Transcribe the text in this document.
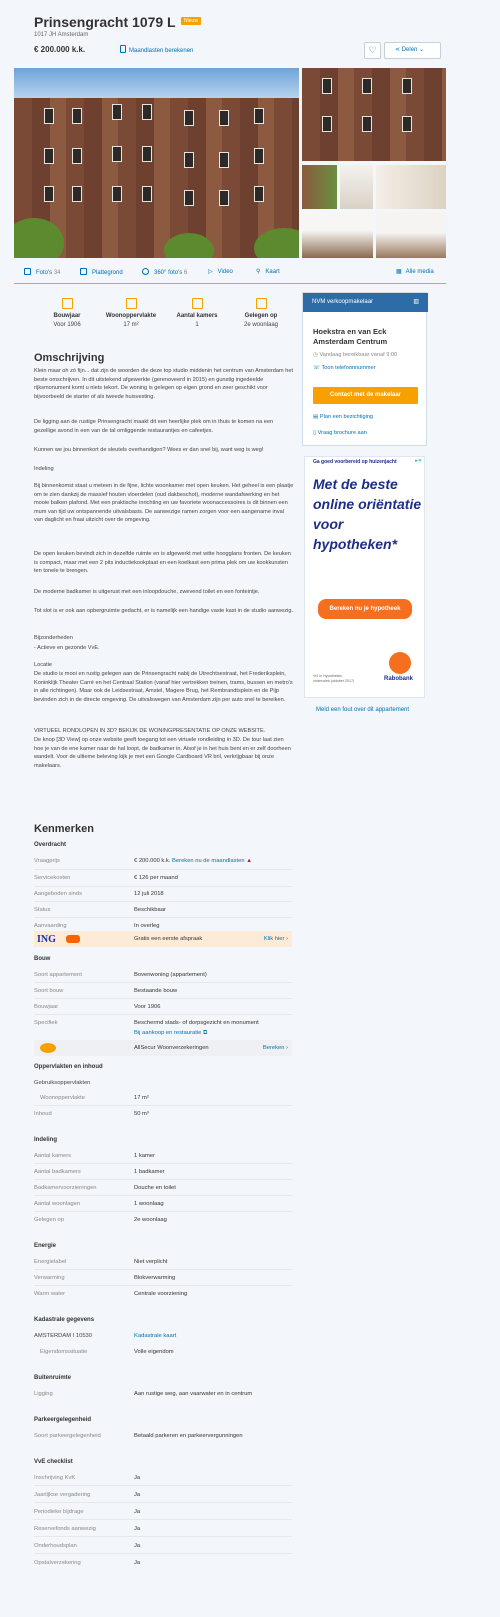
Prinsengracht 1079 L	Nieuw
1017 JH Amsterdam
€ 200.000 k.k.	Maandlasten berekenen	♡	⋖ Delen ⌄
Foto's 34	Plattegrond	360° foto's 6	▷ Video	⚲ Kaart	▦ Alle media
Bouwjaar
Voor 1906
Woonoppervlakte
17 m²
Aantal kamers
1
Gelegen op
2e woonlaag
Omschrijving
Klein maar oh zó fijn... dat zijn de woorden die deze top studio middenin het centrum van Amsterdam het beste omschrijven. In dit uitstekend afgewerkte (gerenoveerd in 2015) en gunstig ingedeelde rijksmonument komt u niets tekort. De woning is gelegen op eigen grond en zeer geschikt voor bijvoorbeeld de starter of als tweede huisvesting.
De ligging aan de rustige Prinsengracht maakt dit een heerlijke plek om in thuis te komen na een gezellige avond in een van de tal omliggende restaurantjes en cafeetjes.
Kunnen we jou binnenkort de sleutels overhandigen? Wees er dan snel bij, want weg is weg!
Indeling
Bij binnenkomst staat u meteen in de fijne, lichte woonkamer met open keuken. Het geheel is een plaatje om te zien dankzij de massief houten vloerdelen (oud dakbeschot), moderne wandafwerking en het mooie balken plafond. Met een praktische inrichting en uw favoriete woonaccessoires is dit binnen een mum van tijd uw ontspannende uitvalsbasis. De aanwezige ramen zorgen voor een aangename inval van daglicht en fraai uitzicht over de omgeving.
De open keuken bevindt zich in dezelfde ruimte en is afgewerkt met witte hoogglans fronten. De keuken is compact, maar met een 2 pits inductiekookplaat en een koelkast een prima plek om uw kookkunsten ten tonele te brengen.
De moderne badkamer is uitgerust met een inloopdouche, zwevend toilet en een fonteintje.
Tot slot is er ook aan opbergruimte gedacht, er is namelijk een handige vaste kast in de studio aanwezig.
Bijzonderheden
- Actieve en gezonde VvE.
Locatie
De studio is mooi en rustig gelegen aan de Prinsengracht nabij de Utrechtsestraat, het Frederiksplein, Koninklijk Theater Carré en het Centraal Station (vanaf hier vertrekken treinen, trams, bussen en metro's in alle richtingen). Maar ook de Leidsestraat, Amstel, Magere Brug, het Rembrandtsplein en de Pijp bevinden zich in de directe omgeving. De uitvalswegen van Amsterdam zijn per auto snel te bereiken.
VIRTUEEL RONDLOPEN IN 3D? BEKIJK DE WONINGPRESENTATIE OP ONZE WEBSITE.
De knop [3D View] op onze website geeft toegang tot een virtuele rondleiding in 3D. De tour laat zien hoe je van de ene kamer naar de hal loopt, de badkamer in. Alsof je in het huis bent en er zelf doorheen wandelt. Voor de ultieme beleving kijk je met een Google Cardboard VR bril, verkrijgbaar bij onze makelaars.
NVM verkoopmakelaar	▥
Hoekstra en van Eck
Amsterdam Centrum
◷ Vandaag bereikbaar vanaf 9:00
☏ Toon telefoonnummer
Contact met de makelaar
▤ Plan een bezichtiging
▯ Vraag brochure aan
Ga goed voorbereid op huizenjacht	▸✕
Met de beste online oriëntatie voor hypotheken*
Bereken nu je hypotheek
*#1 in Hypotheken
onderzoek (oktober 2017)	Rabobank
Meld een fout over dit appartement
Kenmerken
Overdracht
Vraagprijs	€ 200.000 k.k. Bereken nu de maandlasten ▲
Servicekosten	€ 126 per maand
Aangeboden sinds	12 juli 2018
Status	Beschikbaar
Aanvaarding	In overleg
ING	Gratis een eerste afspraak	Klik hier ›
Bouw
Soort appartement	Bovenwoning (appartement)
Soort bouw	Bestaande bouw
Bouwjaar	Voor 1906
Specifiek	Beschermd stads- of dorpsgezicht en monument
AllSecur Woonverzekeringen	Bereken ›
Bij aankoop en restauratie ⧉
Oppervlakten en inhoud
Gebruiksoppervlakten
Woonoppervlakte	17 m²
Inhoud	50 m³
Indeling
Aantal kamers	1 kamer
Aantal badkamers	1 badkamer
Badkamervoorzieningen	Douche en toilet
Aantal woonlagen	1 woonlaag
Gelegen op	2e woonlaag
Energie
Energielabel	Niet verplicht
Verwarming	Blokverwarming
Warm water	Centrale voorziening
Kadastrale gegevens
AMSTERDAM I 10530	Kadastrale kaart
Eigendomssituatie	Volle eigendom
Buitenruimte
Ligging	Aan rustige weg, aan vaarwater en in centrum
Parkeergelegenheid
Soort parkeergelegenheid	Betaald parkeren en parkeervergunningen
VvE checklist
Inschrijving KvK	Ja
Jaarlijkse vergadering	Ja
Periodieke bijdrage	Ja
Reservefonds aanwezig	Ja
Onderhoudsplan	Ja
Opstalverzekering	Ja
